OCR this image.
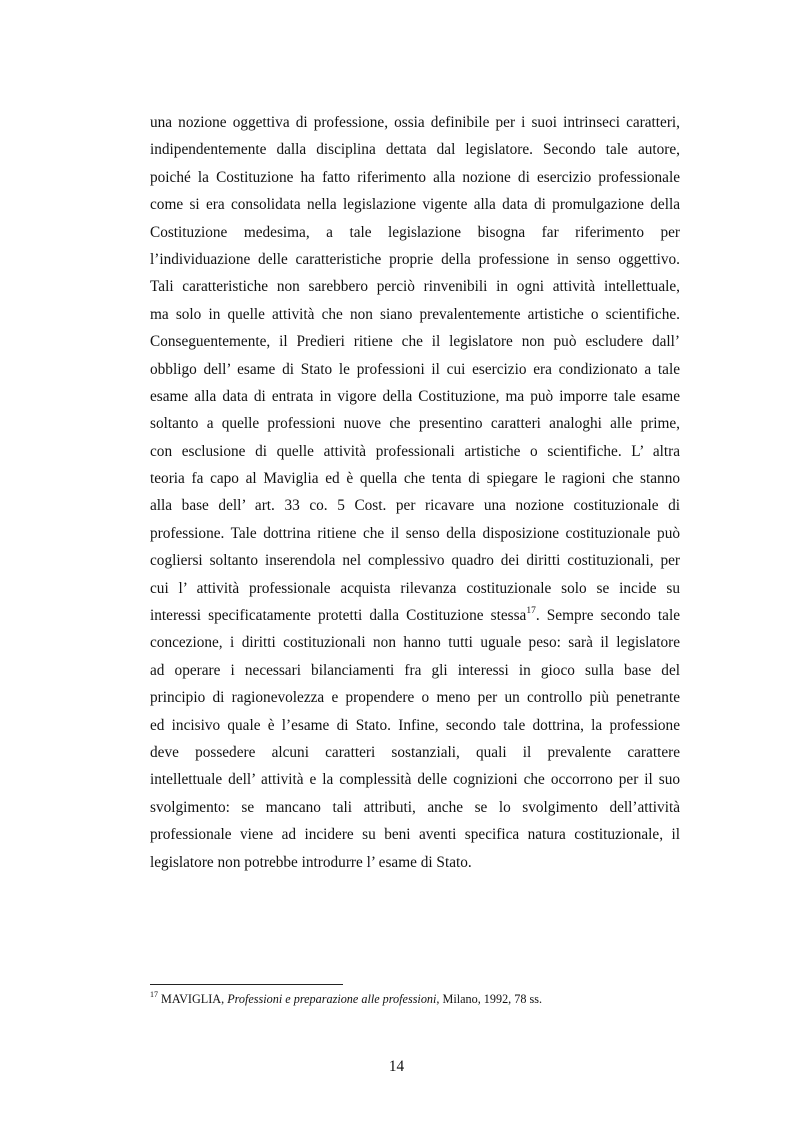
una nozione oggettiva di professione, ossia definibile per i suoi intrinseci caratteri,
indipendentemente dalla disciplina dettata dal legislatore. Secondo tale autore,
poiché la Costituzione ha fatto riferimento alla nozione di esercizio professionale
come si era consolidata nella legislazione vigente alla data di promulgazione della
Costituzione medesima, a tale legislazione bisogna far riferimento per
l’individuazione delle caratteristiche proprie della professione in senso oggettivo.
Tali caratteristiche non sarebbero perciò rinvenibili in ogni attività intellettuale,
ma solo in quelle attività che non siano prevalentemente artistiche o scientifiche.
Conseguentemente, il Predieri ritiene che il legislatore non può escludere dall’
obbligo dell’ esame di Stato le professioni il cui esercizio era condizionato a tale
esame alla data di entrata in vigore della Costituzione, ma può imporre tale esame
soltanto a quelle professioni nuove che presentino caratteri analoghi alle prime,
con esclusione di quelle attività professionali artistiche o scientifiche. L’ altra
teoria fa capo al Maviglia ed è quella che tenta di spiegare le ragioni che stanno
alla base dell’ art. 33 co. 5 Cost. per ricavare una nozione costituzionale di
professione. Tale dottrina ritiene che il senso della disposizione costituzionale può
cogliersi soltanto inserendola nel complessivo quadro dei diritti costituzionali, per
cui l’ attività professionale acquista rilevanza costituzionale solo se incide su
interessi specificatamente protetti dalla Costituzione stessa$^{17}$. Sempre secondo tale
concezione, i diritti costituzionali non hanno tutti uguale peso: sarà il legislatore
ad operare i necessari bilanciamenti fra gli interessi in gioco sulla base del
principio di ragionevolezza e propendere o meno per un controllo più penetrante
ed incisivo quale è l’esame di Stato. Infine, secondo tale dottrina, la professione
deve possedere alcuni caratteri sostanziali, quali il prevalente carattere
intellettuale dell’ attività e la complessità delle cognizioni che occorrono per il suo
svolgimento: se mancano tali attributi, anche se lo svolgimento dell’attività
professionale viene ad incidere su beni aventi specifica natura costituzionale, il
legislatore non potrebbe introdurre l’ esame di Stato.
$^{17}$ MAVIGLIA, Professioni e preparazione alle professioni, Milano, 1992, 78 ss.
14
